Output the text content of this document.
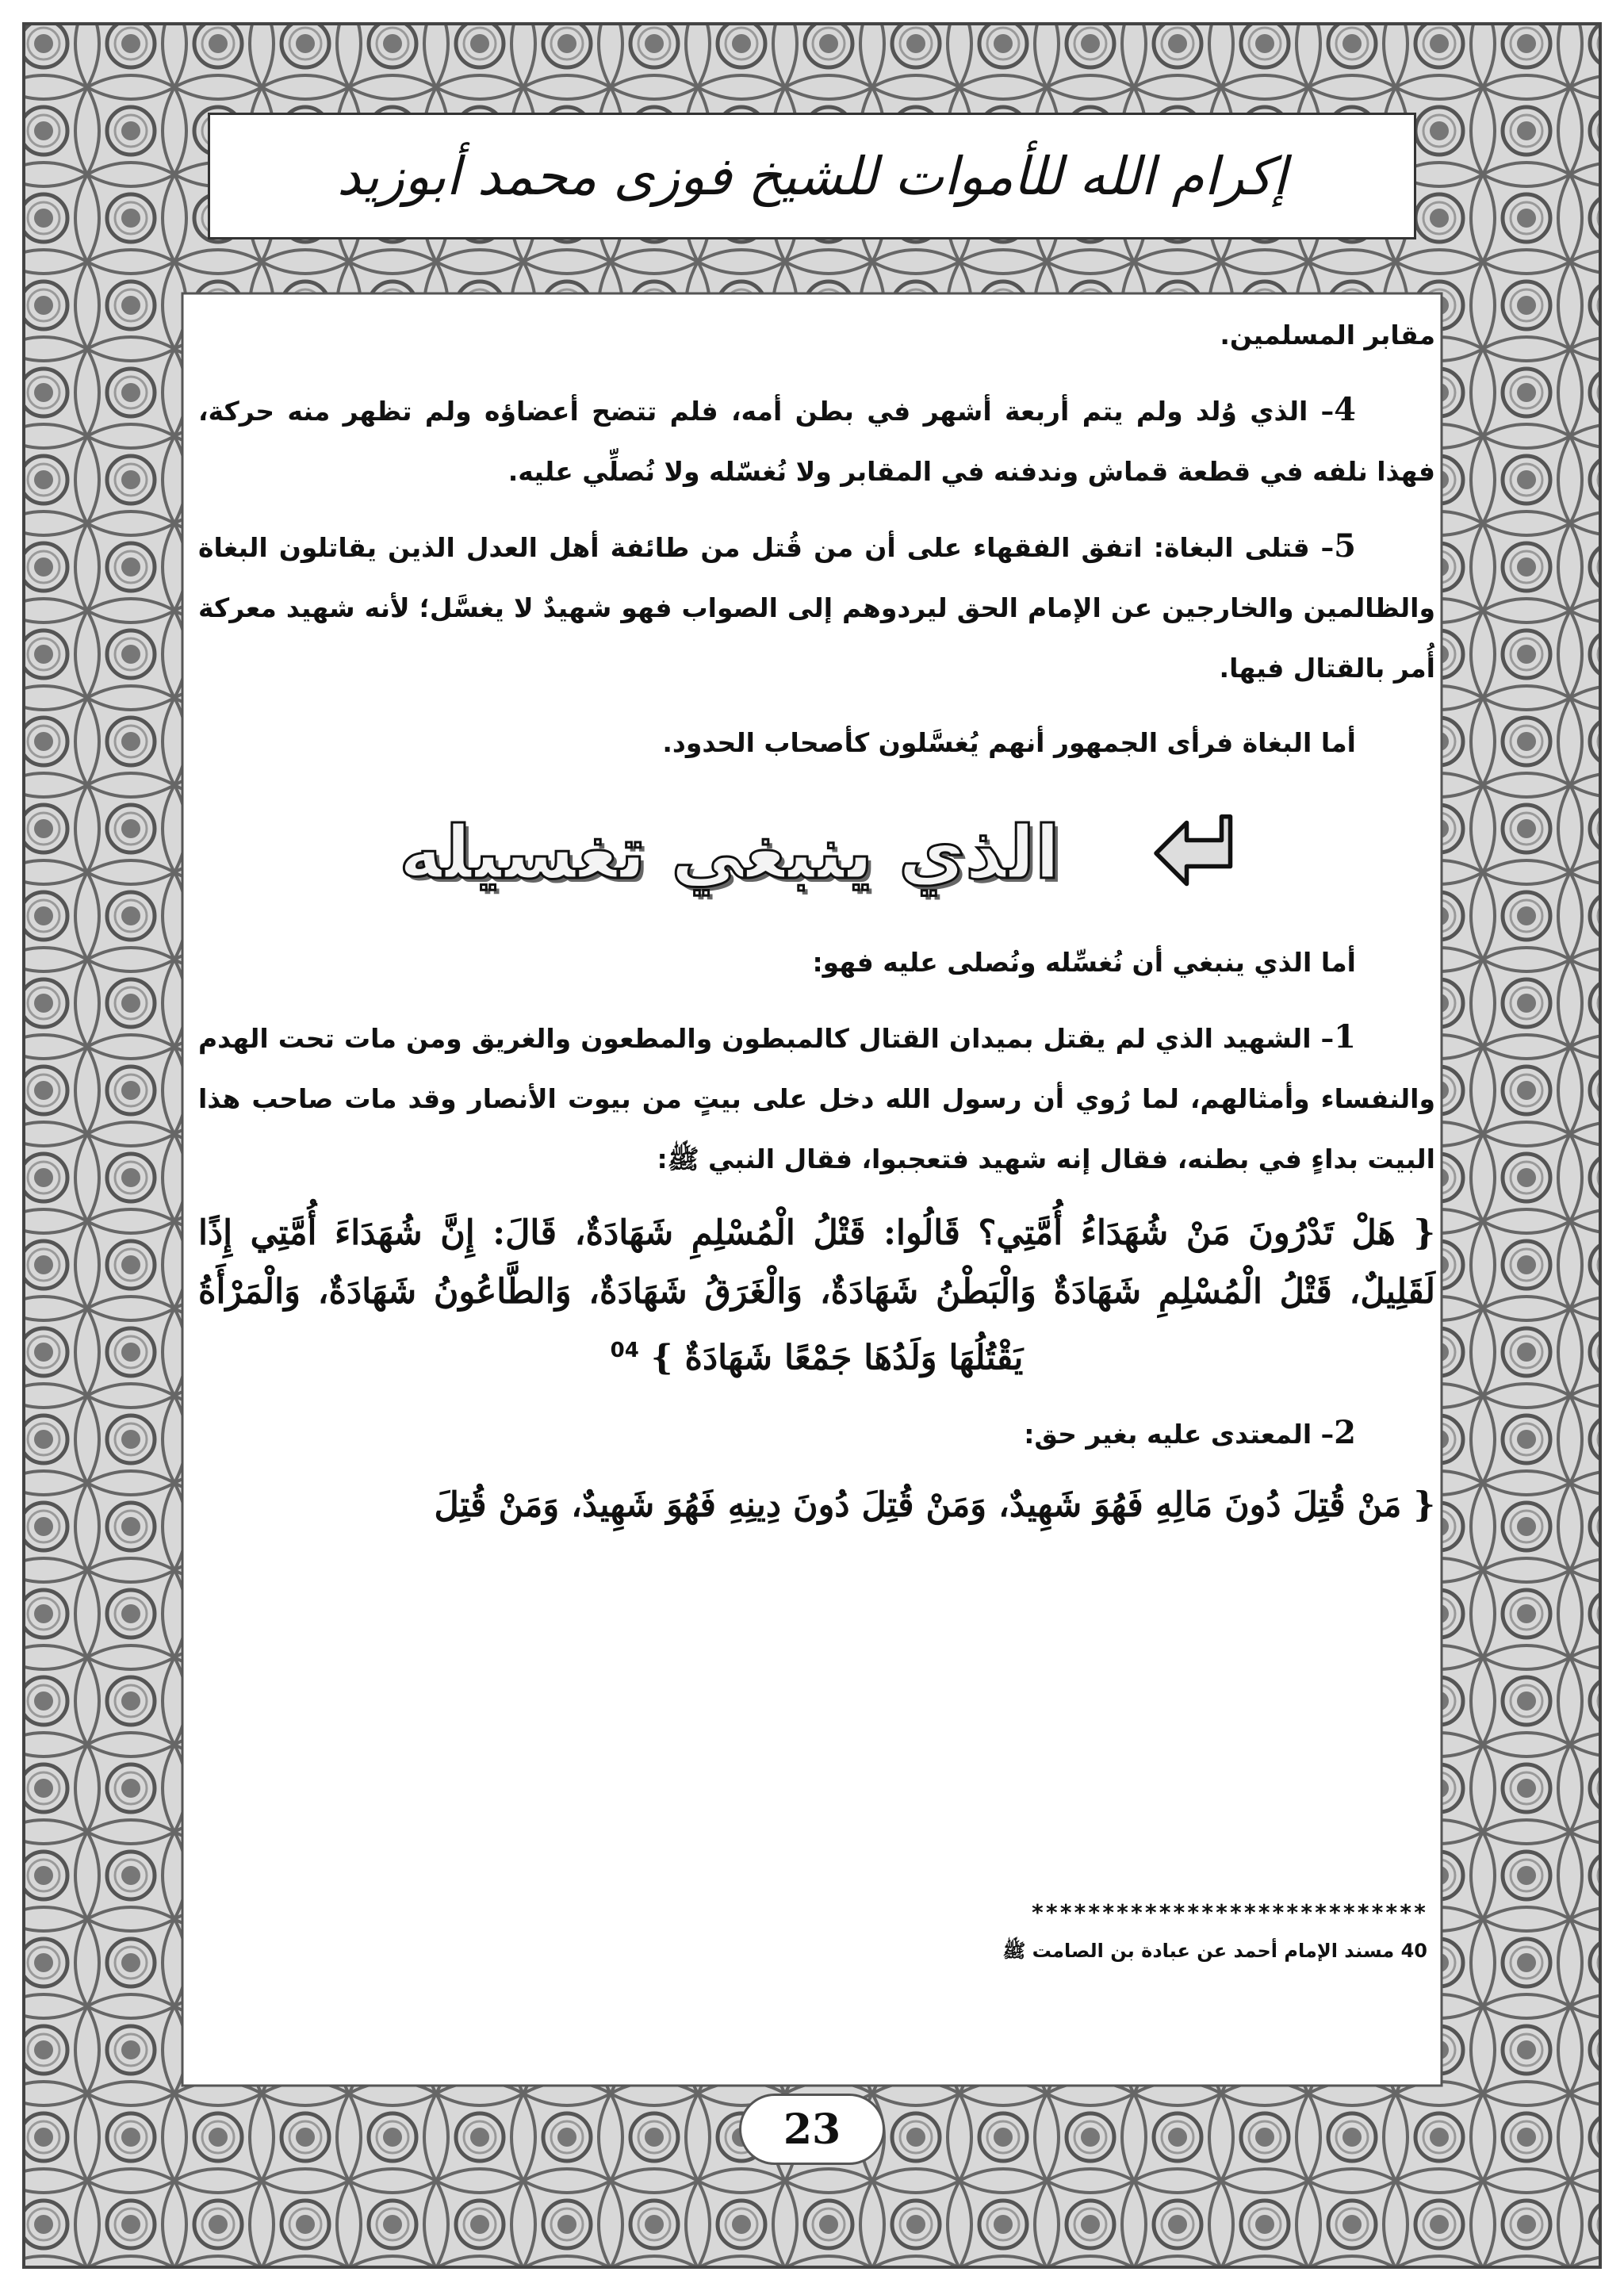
إكرام الله للأموات للشيخ فوزى محمد أبوزيد

مقابر المسلمين.

4– الذي وُلد ولم يتم أربعة أشهر في بطن أمه، فلم تتضح أعضاؤه ولم تظهر منه حركة، فهذا نلفه في قطعة قماش وندفنه في المقابر ولا نُغسّله ولا نُصلِّي عليه.

5– قتلى البغاة: اتفق الفقهاء على أن من قُتل من طائفة أهل العدل الذين يقاتلون البغاة والظالمين والخارجين عن الإمام الحق ليردوهم إلى الصواب فهو شهيدٌ لا يغسَّل؛ لأنه شهيد معركة أُمر بالقتال فيها.

أما البغاة فرأى الجمهور أنهم يُغسَّلون كأصحاب الحدود.

الذي ينبغي تغسيله

أما الذي ينبغي أن نُغسِّله ونُصلى عليه فهو:

1– الشهيد الذي لم يقتل بميدان القتال كالمبطون والمطعون والغريق ومن مات تحت الهدم والنفساء وأمثالهم، لما رُوي أن رسول الله دخل على بيتٍ من بيوت الأنصار وقد مات صاحب هذا البيت بداءٍ في بطنه، فقال إنه شهيد فتعجبوا، فقال النبي ﷺ:

{ هَلْ تَدْرُونَ مَنْ شُهَدَاءُ أُمَّتِي؟ قَالُوا: قَتْلُ الْمُسْلِمِ شَهَادَةٌ، قَالَ: إِنَّ شُهَدَاءَ أُمَّتِي إِذًا لَقَلِيلٌ، قَتْلُ الْمُسْلِمِ شَهَادَةٌ وَالْبَطْنُ شَهَادَةٌ، وَالْغَرَقُ شَهَادَةٌ، وَالطَّاعُونُ شَهَادَةٌ، وَالْمَرْأَةُ يَقْتُلُهَا وَلَدُهَا جَمْعًا شَهَادَةٌ } $^{04}$

2– المعتدى عليه بغير حق:

{ مَنْ قُتِلَ دُونَ مَالِهِ فَهُوَ شَهِيدٌ، وَمَنْ قُتِلَ دُونَ دِينِهِ فَهُوَ شَهِيدٌ، وَمَنْ قُتِلَ

****************************
40 مسند الإمام أحمد عن عبادة بن الصامت ﷺ
23
